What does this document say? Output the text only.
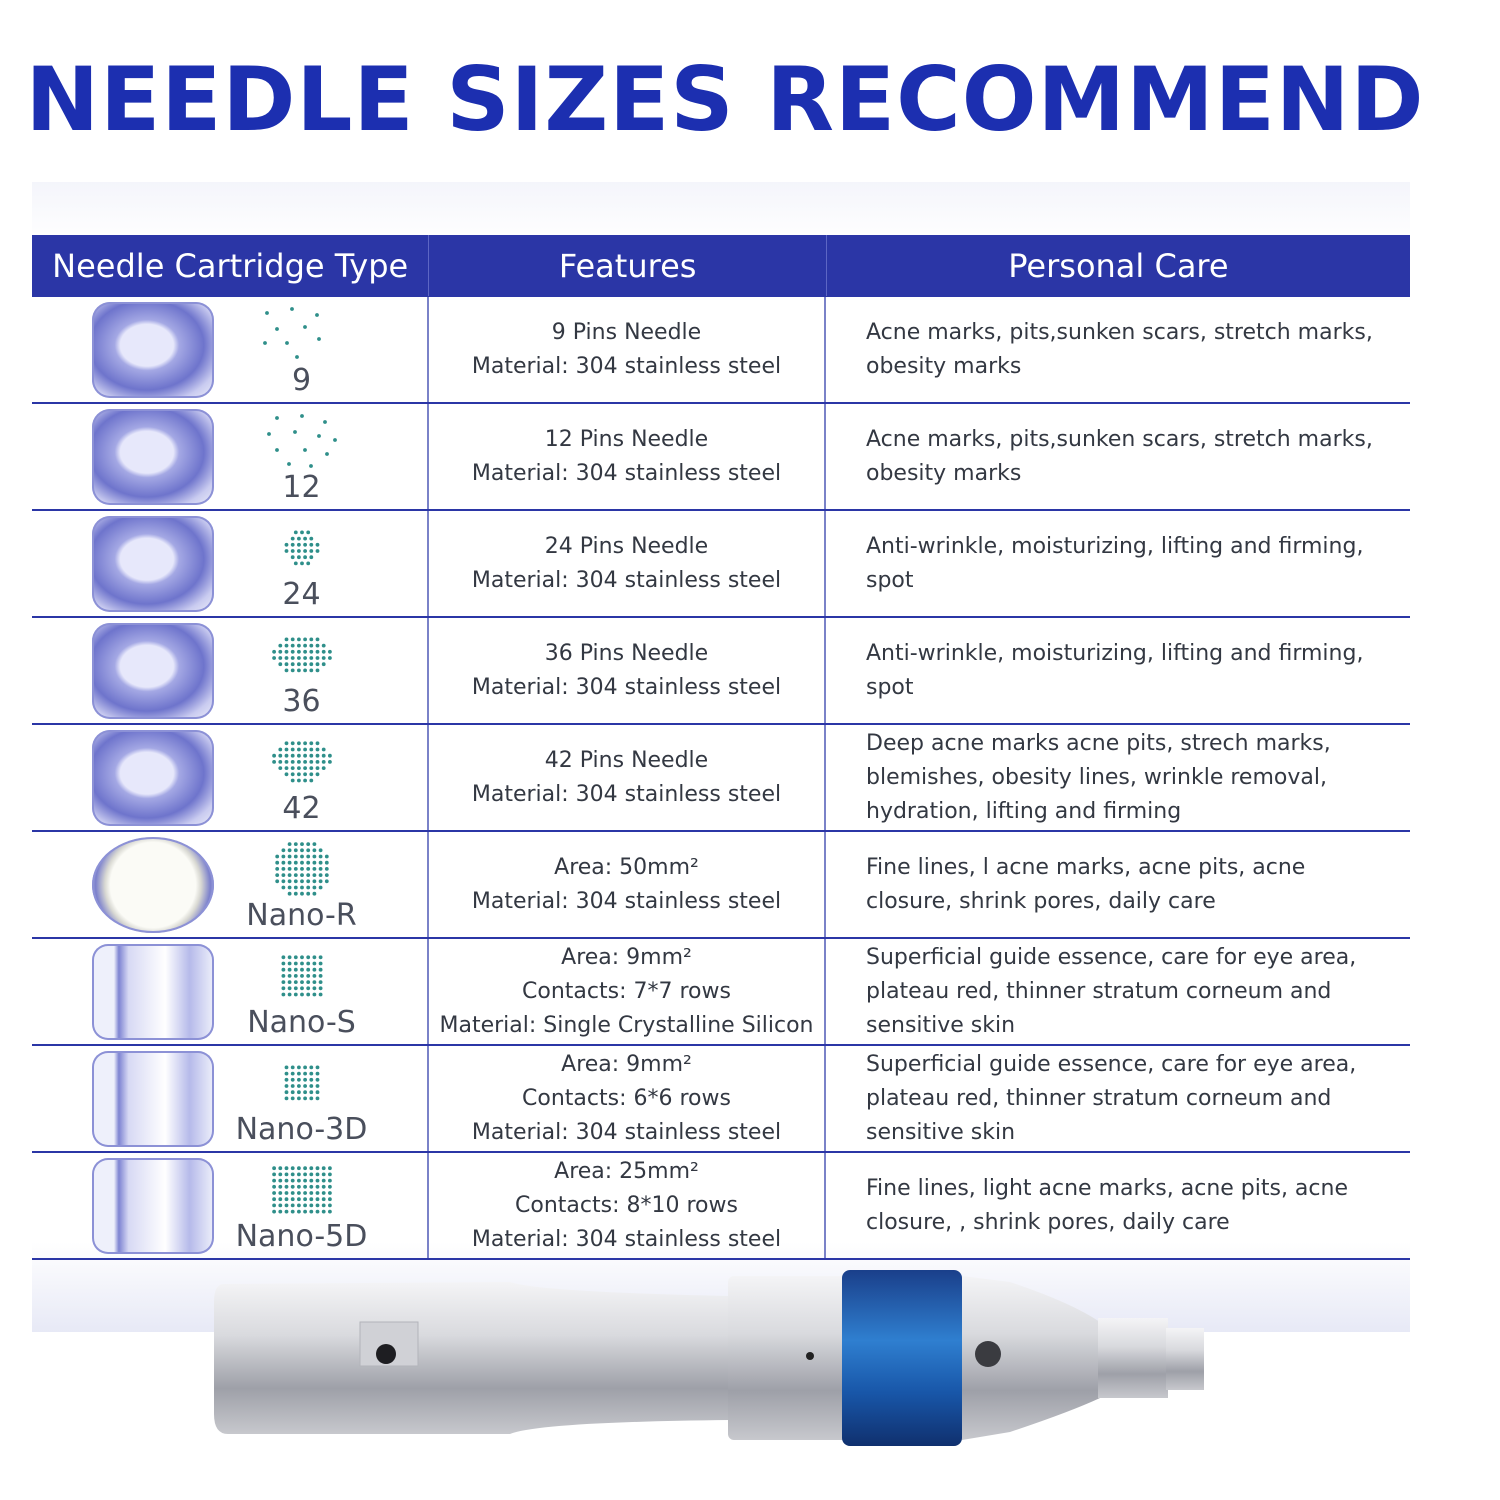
NEEDLE SIZES RECOMMEND
Needle Cartridge Type	Features	Personal Care
9
9 Pins Needle
Material: 304 stainless steel
Acne marks, pits,sunken scars, stretch marks,
obesity marks
12
12 Pins Needle
Material: 304 stainless steel
Acne marks, pits,sunken scars, stretch marks,
obesity marks
24
24 Pins Needle
Material: 304 stainless steel
Anti-wrinkle, moisturizing, lifting and firming,
spot
36
36 Pins Needle
Material: 304 stainless steel
Anti-wrinkle, moisturizing, lifting and firming,
spot
42
42 Pins Needle
Material: 304 stainless steel
Deep acne marks acne pits, strech marks,
blemishes, obesity lines, wrinkle removal,
hydration, lifting and firming
Nano-R
Area: 50mm²
Material: 304 stainless steel
Fine lines, l acne marks, acne pits, acne
closure, shrink pores, daily care
Nano-S
Area: 9mm²
Contacts: 7*7 rows
Material: Single Crystalline Silicon
Superficial guide essence, care for eye area,
plateau red, thinner stratum corneum and
sensitive skin
Nano-3D
Area: 9mm²
Contacts: 6*6 rows
Material: 304 stainless steel
Superficial guide essence, care for eye area,
plateau red, thinner stratum corneum and
sensitive skin
Nano-5D
Area: 25mm²
Contacts: 8*10 rows
Material: 304 stainless steel
Fine lines, light acne marks, acne pits, acne
closure, , shrink pores, daily care
